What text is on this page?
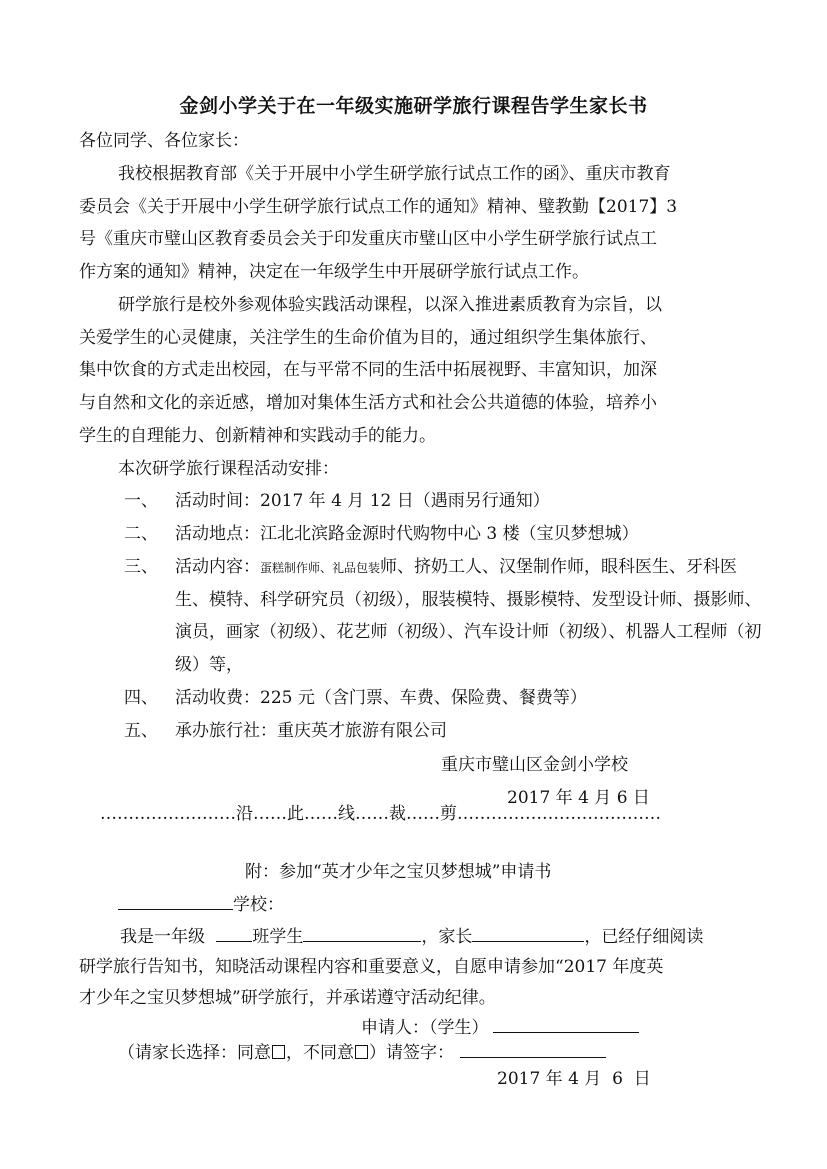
金剑小学关于在一年级实施研学旅行课程告学生家长书
各位同学、各位家长：
我校根据教育部《关于开展中小学生研学旅行试点工作的函》、重庆市教育
委员会《关于开展中小学生研学旅行试点工作的通知》精神、璧教勤【2017】3
号《重庆市璧山区教育委员会关于印发重庆市璧山区中小学生研学旅行试点工
作方案的通知》精神，决定在一年级学生中开展研学旅行试点工作。
研学旅行是校外参观体验实践活动课程，以深入推进素质教育为宗旨，以
关爱学生的心灵健康，关注学生的生命价值为目的，通过组织学生集体旅行、
集中饮食的方式走出校园，在与平常不同的生活中拓展视野、丰富知识，加深
与自然和文化的亲近感，增加对集体生活方式和社会公共道德的体验，培养小
学生的自理能力、创新精神和实践动手的能力。
本次研学旅行课程活动安排：
一、 活动时间：2017 年 4 月 12 日（遇雨另行通知）
二、 活动地点：江北北滨路金源时代购物中心 3 楼（宝贝梦想城）
三、 活动内容：蛋糕制作师、礼品包装师、挤奶工人、汉堡制作师，眼科医生、牙科医
生、模特、科学研究员（初级），服装模特、摄影模特、发型设计师、摄影师、
演员，画家（初级）、花艺师（初级）、汽车设计师（初级）、机器人工程师（初
级）等，
四、 活动收费：225 元（含门票、车费、保险费、餐费等）
五、 承办旅行社：重庆英才旅游有限公司
重庆市璧山区金剑小学校
2017 年 4 月 6 日
……………………沿……此……线……裁……剪………………………………
附：参加“英才少年之宝贝梦想城”申请书
学校：
我是一年级	班学生	，家长	，已经仔细阅读
研学旅行告知书，知晓活动课程内容和重要意义，自愿申请参加“2017 年度英
才少年之宝贝梦想城”研学旅行，并承诺遵守活动纪律。
申请人：（学生）
（请家长选择：同意 ，不同意 ）请签字：
2017 年 4 月  6  日
